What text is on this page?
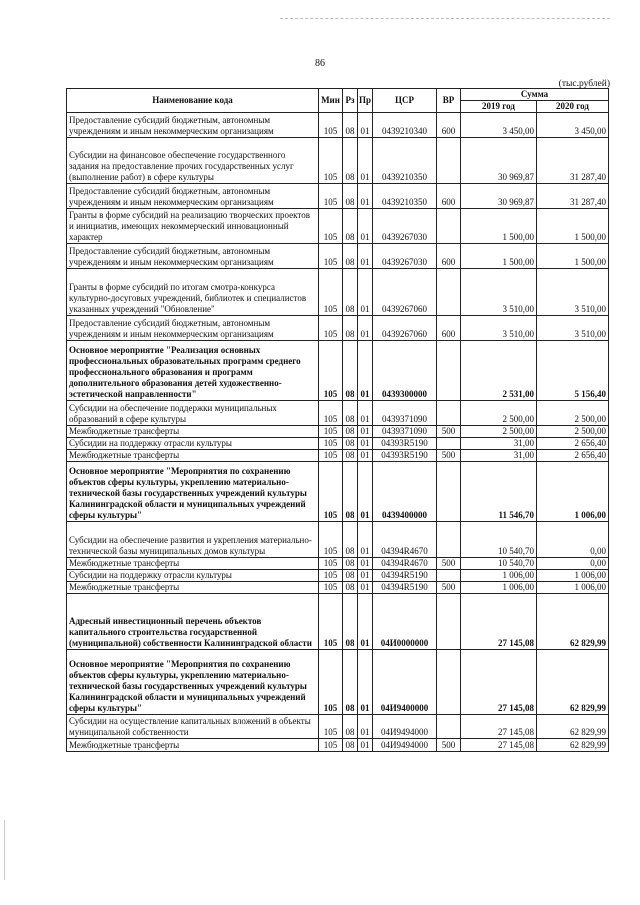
86
(тыс.рублей)
Наименование кода	Мин	Рз	Пр	ЦСР	ВР	Сумма	
						2019 год	2020 год
Предоставление субсидий бюджетным, автономным учреждениям и иным некоммерческим организациям	105	08	01	0439210340	600	3 450,00	3 450,00
Субсидии на финансовое обеспечение государственного задания на предоставление прочих государственных услуг (выполнение работ) в сфере культуры	105	08	01	0439210350		30 969,87	31 287,40
Предоставление субсидий бюджетным, автономным учреждениям и иным некоммерческим организациям	105	08	01	0439210350	600	30 969,87	31 287,40
Гранты в форме субсидий на реализацию творческих проектов и инициатив, имеющих некоммерческий инновационный характер	105	08	01	0439267030		1 500,00	1 500,00
Предоставление субсидий бюджетным, автономным учреждениям и иным некоммерческим организациям	105	08	01	0439267030	600	1 500,00	1 500,00
Гранты в форме субсидий по итогам смотра-конкурса культурно-досуговых учреждений, библиотек и специалистов указанных учреждений "Обновление"	105	08	01	0439267060		3 510,00	3 510,00
Предоставление субсидий бюджетным, автономным учреждениям и иным некоммерческим организациям	105	08	01	0439267060	600	3 510,00	3 510,00
Основное мероприятие "Реализация основных профессиональных образовательных программ среднего профессионального образования и программ дополнительного образования детей художественно-эстетической направленности"	105	08	01	0439300000		2 531,00	5 156,40
Субсидии на обеспечение поддержки муниципальных образований в сфере культуры	105	08	01	0439371090		2 500,00	2 500,00
Межбюджетные трансферты	105	08	01	0439371090	500	2 500,00	2 500,00
Субсидии на поддержку отрасли культуры	105	08	01	04393R5190		31,00	2 656,40
Межбюджетные трансферты	105	08	01	04393R5190	500	31,00	2 656,40
Основное мероприятие "Мероприятия по сохранению объектов сферы культуры, укреплению материально-технической базы государственных учреждений культуры Калининградской области и муниципальных учреждений сферы культуры"	105	08	01	0439400000		11 546,70	1 006,00
Субсидии на обеспечение развития и укрепления материально-технической базы муниципальных домов культуры	105	08	01	04394R4670		10 540,70	0,00
Межбюджетные трансферты	105	08	01	04394R4670	500	10 540,70	0,00
Субсидии на поддержку отрасли культуры	105	08	01	04394R5190		1 006,00	1 006,00
Межбюджетные трансферты	105	08	01	04394R5190	500	1 006,00	1 006,00
Адресный инвестиционный перечень объектов капитального строительства государственной (муниципальной) собственности Калининградской области	105	08	01	04И0000000		27 145,08	62 829,99
Основное мероприятие "Мероприятия по сохранению объектов сферы культуры, укреплению материально-технической базы государственных учреждений культуры Калининградской области и муниципальных учреждений сферы культуры"	105	08	01	04И9400000		27 145,08	62 829,99
Субсидии на осуществление капитальных вложений в объекты муниципальной собственности	105	08	01	04И9494000		27 145,08	62 829,99
Межбюджетные трансферты	105	08	01	04И9494000	500	27 145,08	62 829,99
